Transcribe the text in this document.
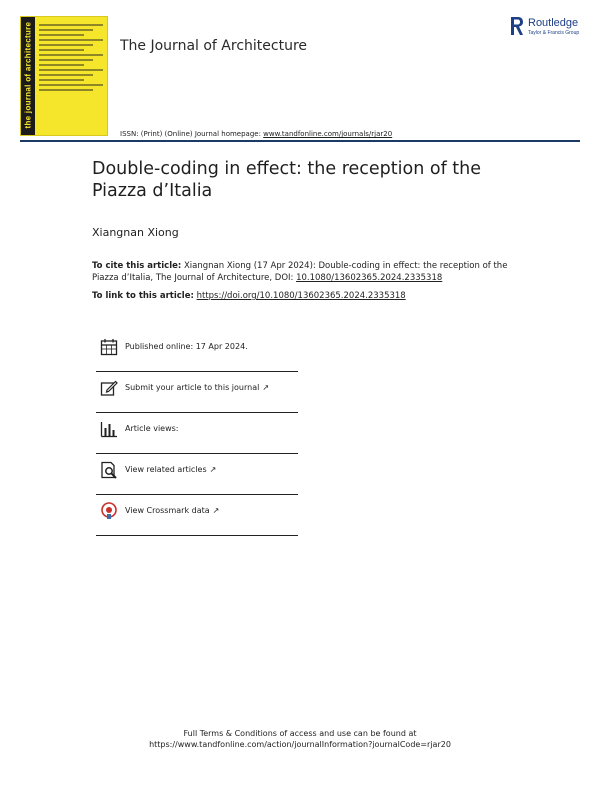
the journal of architecture	The Journal of Architecture
Routledge
Taylor & Francis Group
ISSN: (Print) (Online) Journal homepage: www.tandfonline.com/journals/rjar20
Double-coding in effect: the reception of the Piazza d’Italia
Xiangnan Xiong
To cite this article: Xiangnan Xiong (17 Apr 2024): Double-coding in effect: the reception of the Piazza d’Italia, The Journal of Architecture, DOI: 10.1080/13602365.2024.2335318
To link to this article: https://doi.org/10.1080/13602365.2024.2335318
Published online: 17 Apr 2024.
Submit your article to this journal ↗
Article views:
View related articles ↗
View Crossmark data ↗
Full Terms & Conditions of access and use can be found at
https://www.tandfonline.com/action/journalInformation?journalCode=rjar20
